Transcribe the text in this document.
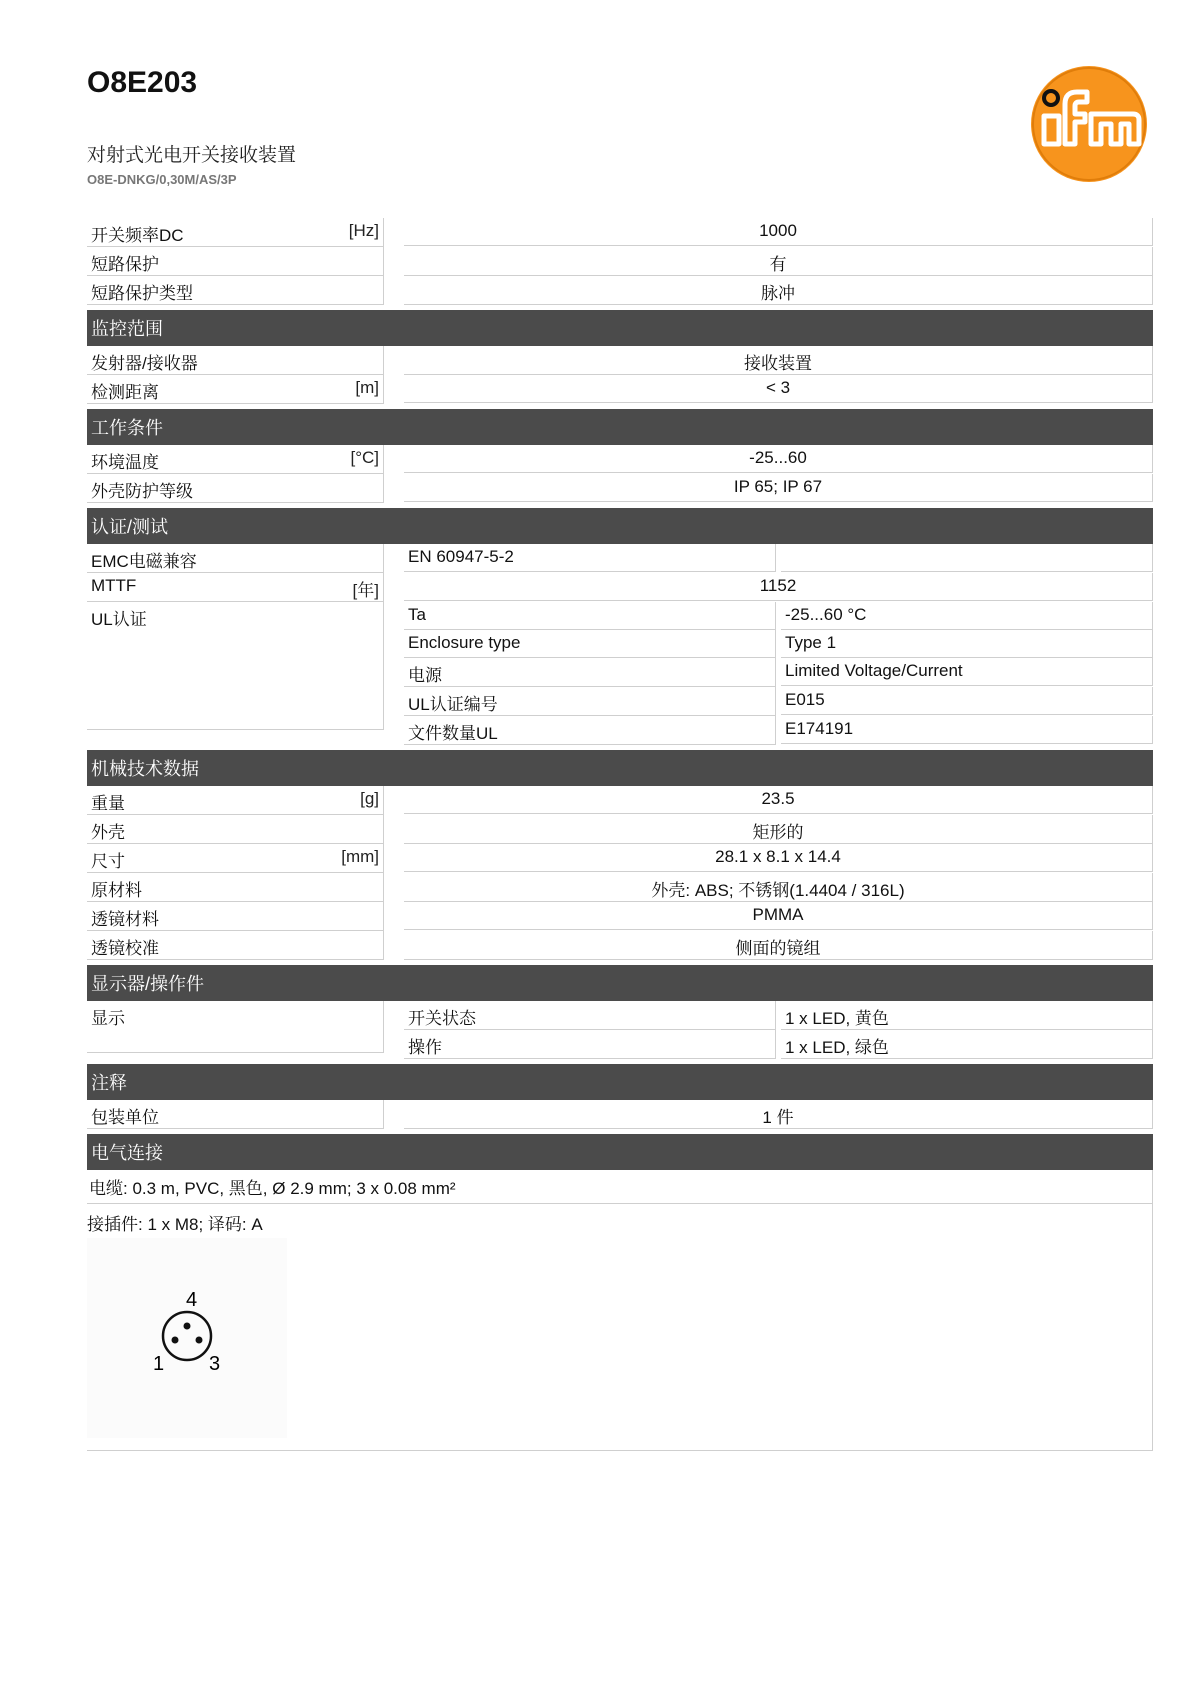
O8E203
对射式光电开关接收装置
O8E-DNKG/0,30M/AS/3P
开关频率DC	[Hz]		1000

短路保护		有

短路保护类型		脉冲

监控范围

发射器/接收器		接收装置

检测距离	[m]		< 3

工作条件

环境温度	[°C]		-25...60

外壳防护等级		IP 65; IP 67

认证/测试

EMC电磁兼容
			EN 60947-5-2

MTTF	[年]		1152

UL认证
			Ta		-25...60 °C

Enclosure type		Type 1

电源		Limited Voltage/Current

UL认证编号		E015

文件数量UL		E174191

机械技术数据

重量	[g]		23.5

外壳		矩形的

尺寸	[mm]		28.1 x 8.1 x 14.4

原材料		外壳: ABS; 不锈钢(1.4404 / 316L)

透镜材料		PMMA

透镜校准		侧面的镜组

显示器/操作件

显示
			开关状态		1 x LED, 黄色

操作		1 x LED, 绿色

注释

包装单位		1 件

电气连接

电缆: 0.3 m, PVC, 黑色, Ø 2.9 mm; 3 x 0.08 mm²

接插件: 1 x M8; 译码: A
4
1 3
